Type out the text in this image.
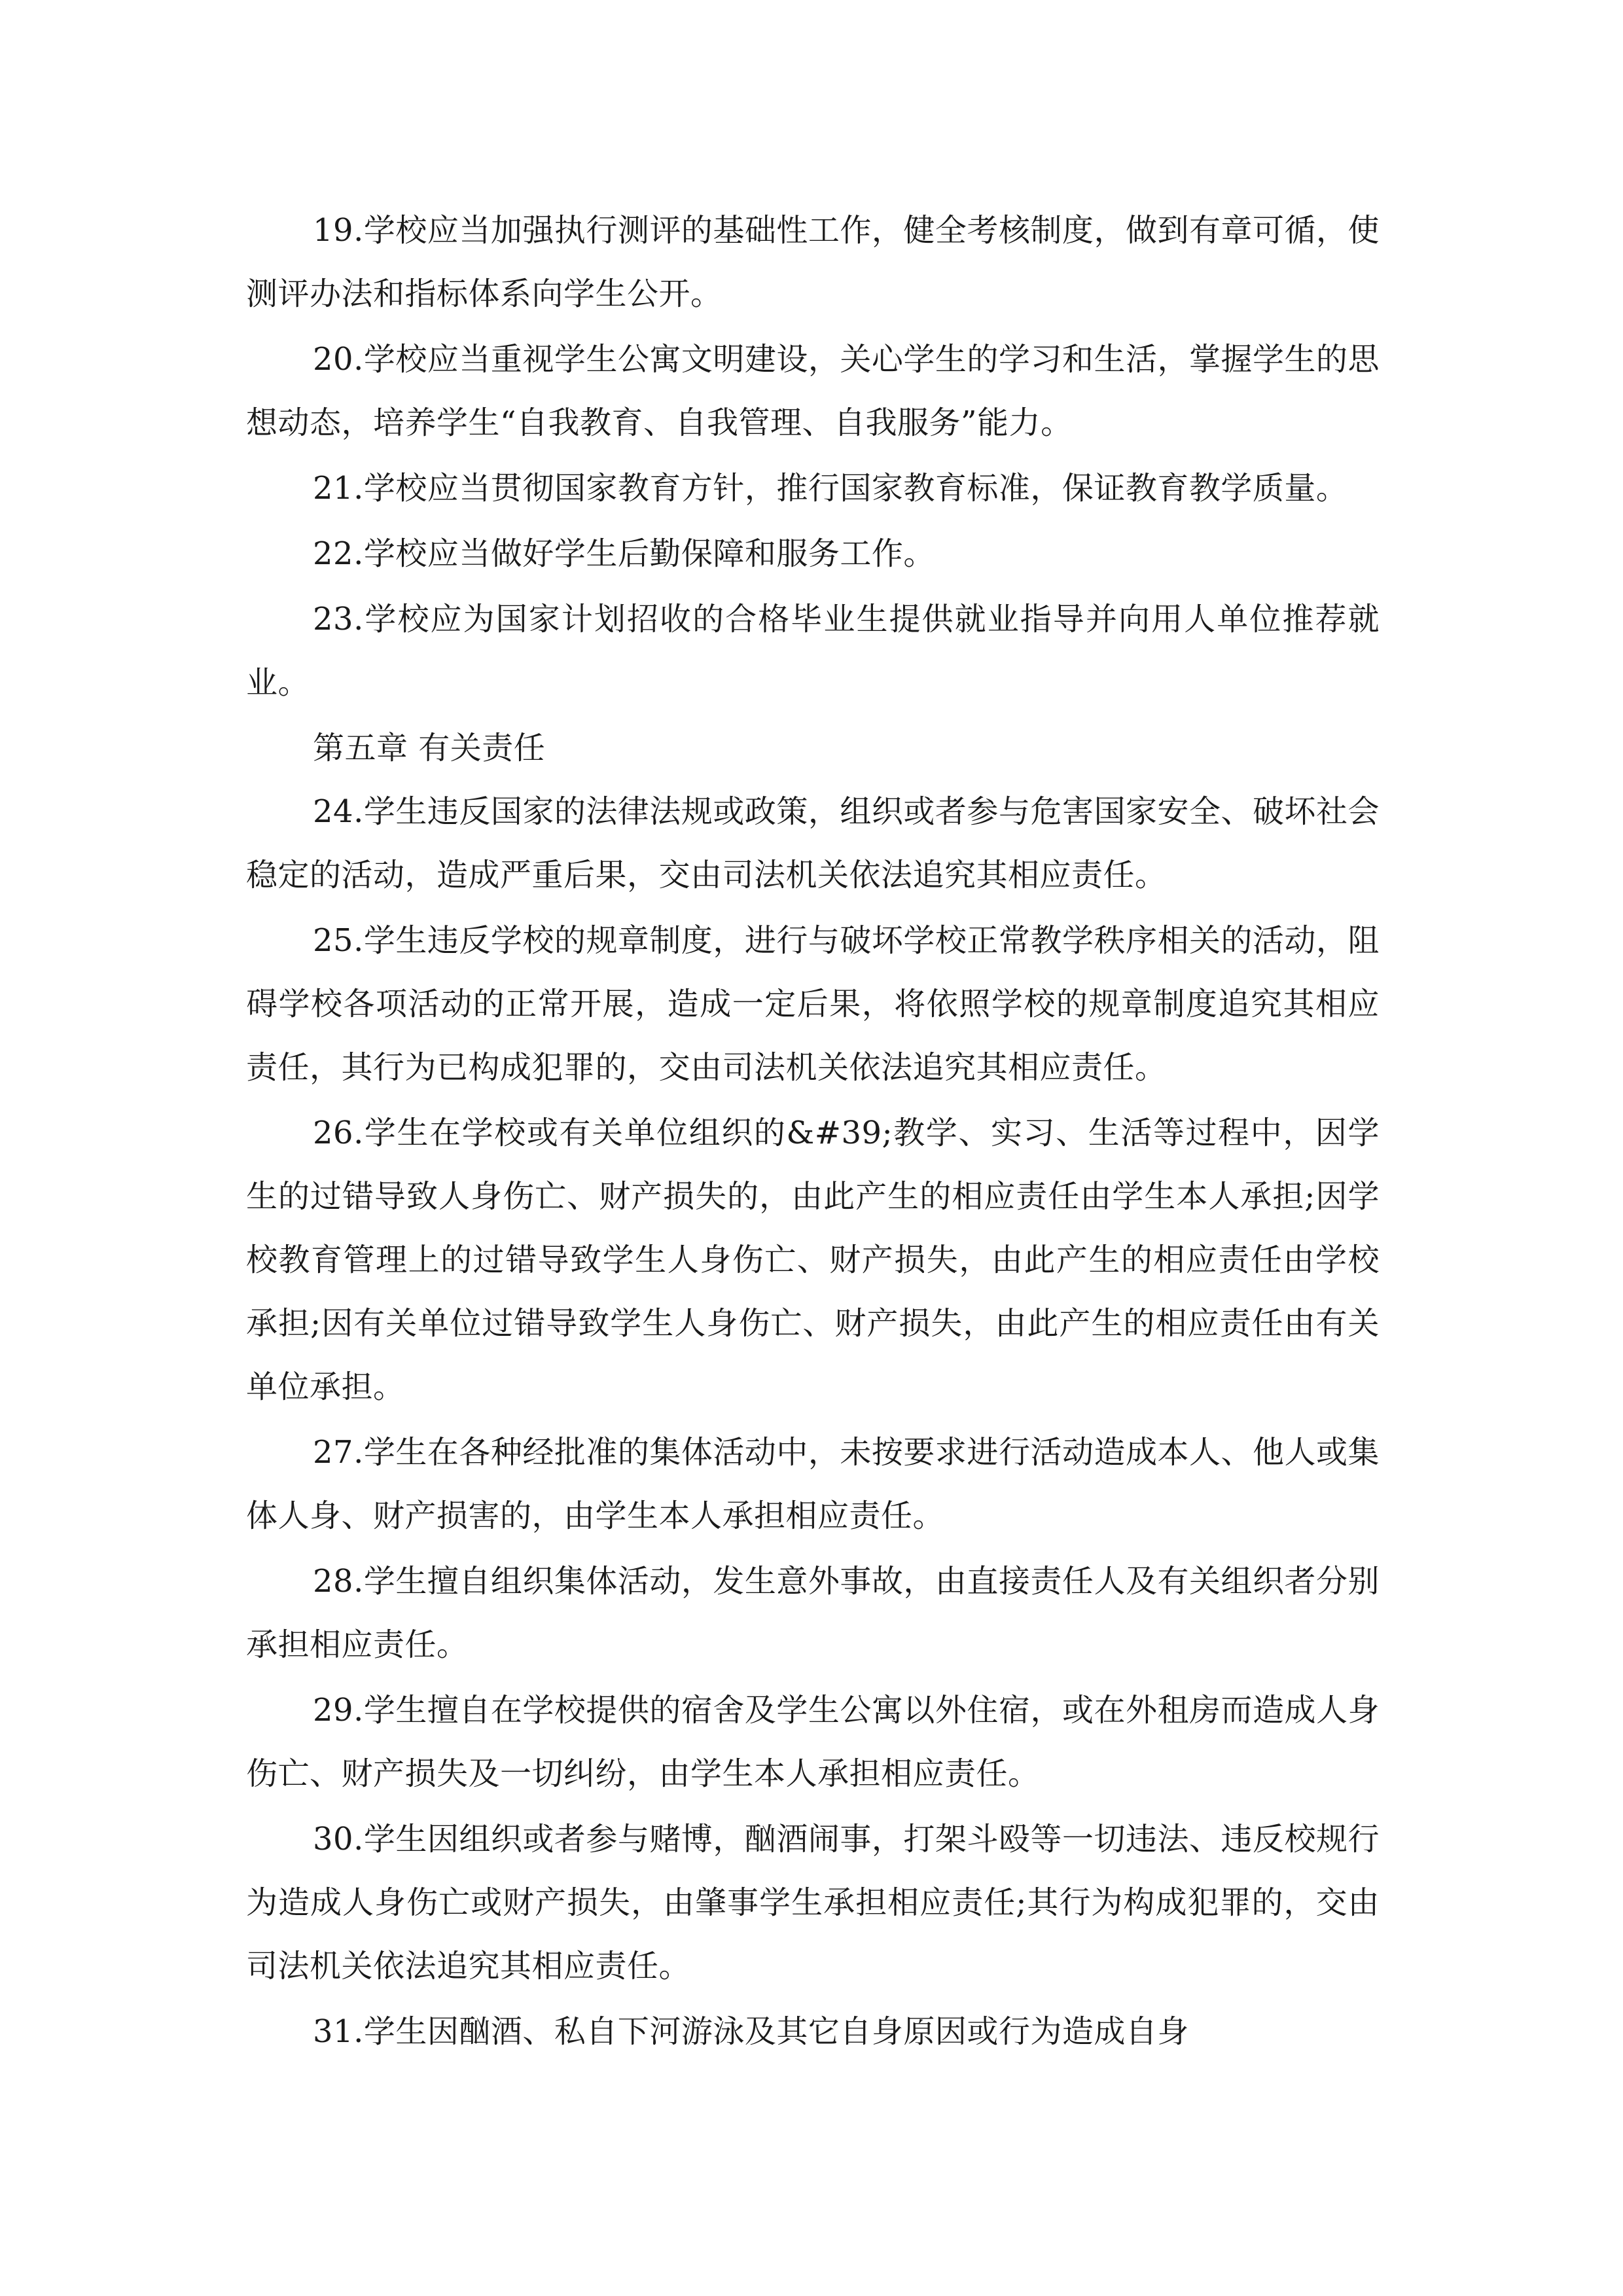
19.学校应当加强执行测评的基础性工作，健全考核制度，做到有章可循，使测评办法和指标体系向学生公开。

20.学校应当重视学生公寓文明建设，关心学生的学习和生活，掌握学生的思想动态，培养学生“自我教育、自我管理、自我服务”能力。

21.学校应当贯彻国家教育方针，推行国家教育标准，保证教育教学质量。

22.学校应当做好学生后勤保障和服务工作。

23.学校应为国家计划招收的合格毕业生提供就业指导并向用人单位推荐就业。

第五章 有关责任

24.学生违反国家的法律法规或政策，组织或者参与危害国家安全、破坏社会稳定的活动，造成严重后果，交由司法机关依法追究其相应责任。

25.学生违反学校的规章制度，进行与破坏学校正常教学秩序相关的活动，阻碍学校各项活动的正常开展，造成一定后果，将依照学校的规章制度追究其相应责任，其行为已构成犯罪的，交由司法机关依法追究其相应责任。

26.学生在学校或有关单位组织的&#39;教学、实习、生活等过程中，因学生的过错导致人身伤亡、财产损失的，由此产生的相应责任由学生本人承担;因学校教育管理上的过错导致学生人身伤亡、财产损失，由此产生的相应责任由学校承担;因有关单位过错导致学生人身伤亡、财产损失，由此产生的相应责任由有关单位承担。

27.学生在各种经批准的集体活动中，未按要求进行活动造成本人、他人或集体人身、财产损害的，由学生本人承担相应责任。

28.学生擅自组织集体活动，发生意外事故，由直接责任人及有关组织者分别承担相应责任。

29.学生擅自在学校提供的宿舍及学生公寓以外住宿，或在外租房而造成人身伤亡、财产损失及一切纠纷，由学生本人承担相应责任。

30.学生因组织或者参与赌博，酗酒闹事，打架斗殴等一切违法、违反校规行为造成人身伤亡或财产损失，由肇事学生承担相应责任;其行为构成犯罪的，交由司法机关依法追究其相应责任。

31.学生因酗酒、私自下河游泳及其它自身原因或行为造成自身
